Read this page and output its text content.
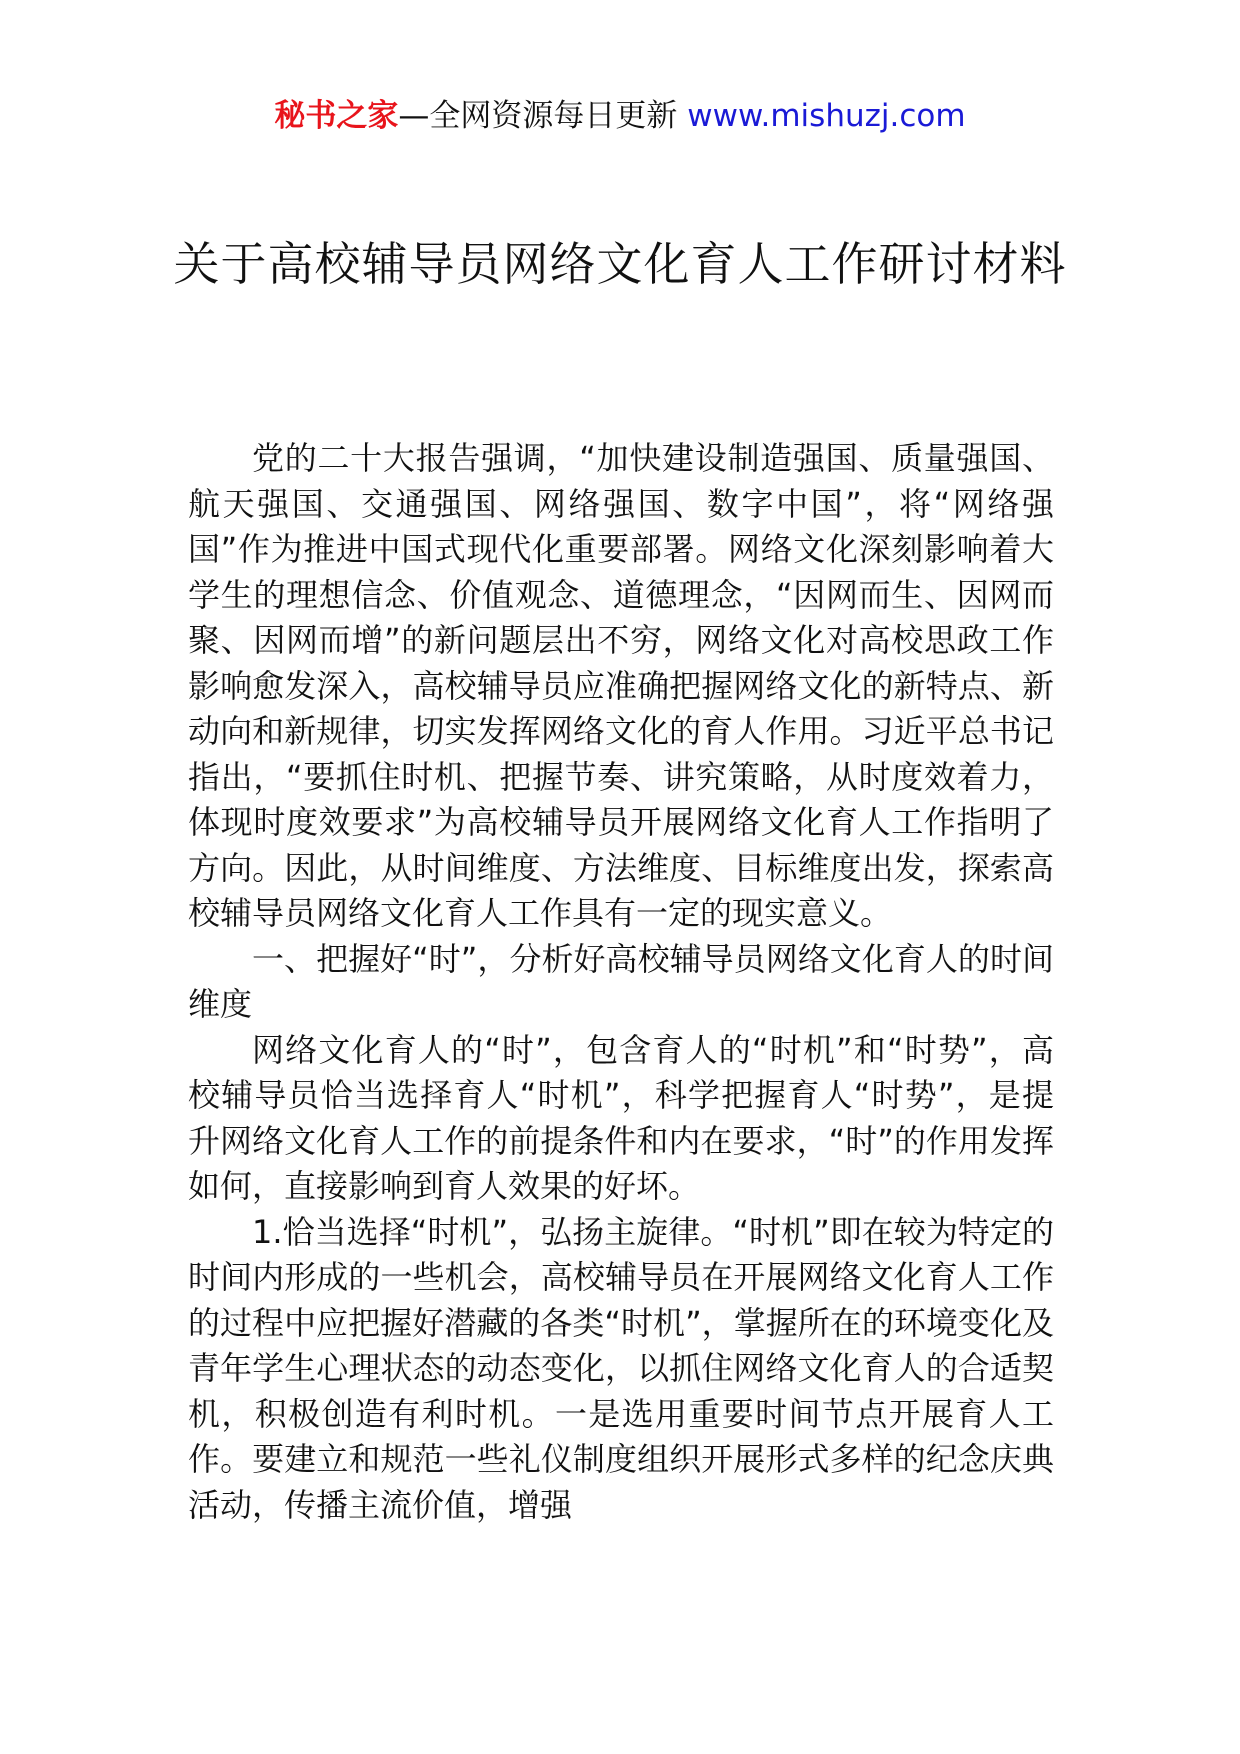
秘书之家—全网资源每日更新 www.mishuzj.com
关于高校辅导员网络文化育人工作研讨材料

党的二十大报告强调，“加快建设制造强国、质量强国、航天强国、交通强国、网络强国、数字中国”，将“网络强国”作为推进中国式现代化重要部署。网络文化深刻影响着大学生的理想信念、价值观念、道德理念，“因网而生、因网而聚、因网而增”的新问题层出不穷，网络文化对高校思政工作影响愈发深入，高校辅导员应准确把握网络文化的新特点、新动向和新规律，切实发挥网络文化的育人作用。习近平总书记指出，“要抓住时机、把握节奏、讲究策略，从时度效着力，体现时度效要求”为高校辅导员开展网络文化育人工作指明了方向。因此，从时间维度、方法维度、目标维度出发，探索高校辅导员网络文化育人工作具有一定的现实意义。

一、把握好“时”，分析好高校辅导员网络文化育人的时间维度

网络文化育人的“时”，包含育人的“时机”和“时势”，高校辅导员恰当选择育人“时机”，科学把握育人“时势”，是提升网络文化育人工作的前提条件和内在要求，“时”的作用发挥如何，直接影响到育人效果的好坏。

1.恰当选择“时机”，弘扬主旋律。“时机”即在较为特定的时间内形成的一些机会，高校辅导员在开展网络文化育人工作的过程中应把握好潜藏的各类“时机”，掌握所在的环境变化及青年学生心理状态的动态变化，以抓住网络文化育人的合适契机，积极创造有利时机。一是选用重要时间节点开展育人工作。要建立和规范一些礼仪制度组织开展形式多样的纪念庆典活动，传播主流价值，增强
